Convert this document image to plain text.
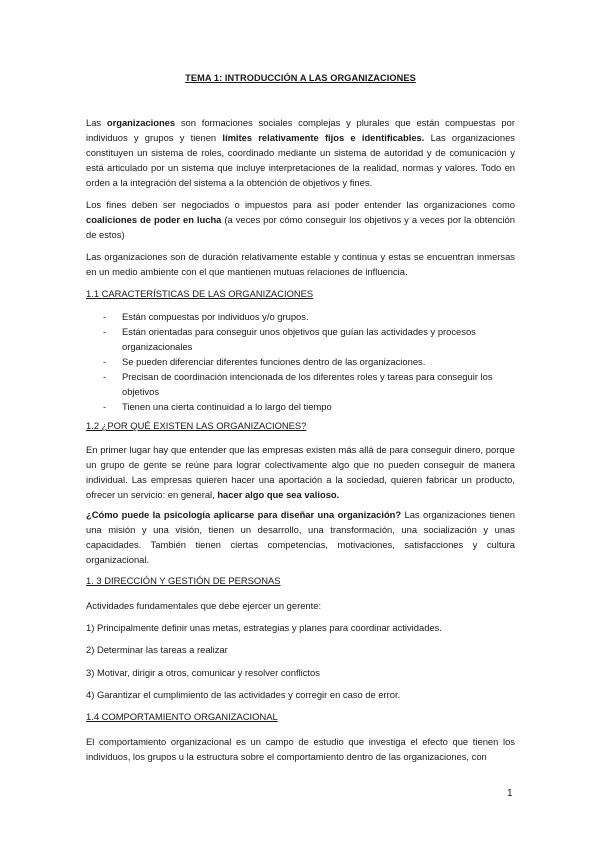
TEMA 1: INTRODUCCIÓN A LAS ORGANIZACIONES

Las organizaciones son formaciones sociales complejas y plurales que están compuestas por individuos y grupos y tienen límites relativamente fijos e identificables. Las organizaciones constituyen un sistema de roles, coordinado mediante un sistema de autoridad y de comunicación y está articulado por un sistema que incluye interpretaciones de la realidad, normas y valores. Todo en orden a la integración del sistema a la obtención de objetivos y fines.

Los fines deben ser negociados o impuestos para así poder entender las organizaciones como coaliciones de poder en lucha (a veces por cómo conseguir los objetivos y a veces por la obtención de estos)

Las organizaciones son de duración relativamente estable y continua y estas se encuentran inmersas en un medio ambiente con el que mantienen mutuas relaciones de influencia.

1.1 CARACTERÍSTICAS DE LAS ORGANIZACIONES

- Están compuestas por individuos y/o grupos.
- Están orientadas para conseguir unos objetivos que guían las actividades y procesos organizacionales
- Se pueden diferenciar diferentes funciones dentro de las organizaciones.
- Precisan de coordinación intencionada de los diferentes roles y tareas para conseguir los objetivos
- Tienen una cierta continuidad a lo largo del tiempo

1.2 ¿POR QUÉ EXISTEN LAS ORGANIZACIONES?

En primer lugar hay que entender que las empresas existen más allá de para conseguir dinero, porque un grupo de gente se reúne para lograr colectivamente algo que no pueden conseguir de manera individual. Las empresas quieren hacer una aportación a la sociedad, quieren fabricar un producto, ofrecer un servicio: en general, hacer algo que sea valioso.

¿Cómo puede la psicología aplicarse para diseñar una organización? Las organizaciones tienen una misión y una visión, tienen un desarrollo, una transformación, una socialización y unas capacidades. También tienen ciertas competencias, motivaciones, satisfacciones y cultura organizacional.

1. 3 DIRECCIÓN Y GESTIÓN DE PERSONAS

Actividades fundamentales que debe ejercer un gerente:

1) Principalmente definir unas metas, estrategias y planes para coordinar actividades.

2) Determinar las tareas a realizar

3) Motivar, dirigir a otros, comunicar y resolver conflictos

4) Garantizar el cumplimiento de las actividades y corregir en caso de error.

1.4 COMPORTAMIENTO ORGANIZACIONAL

El comportamiento organizacional es un campo de estudio que investiga el efecto que tienen los individuos, los grupos u la estructura sobre el comportamiento dentro de las organizaciones, con

1
